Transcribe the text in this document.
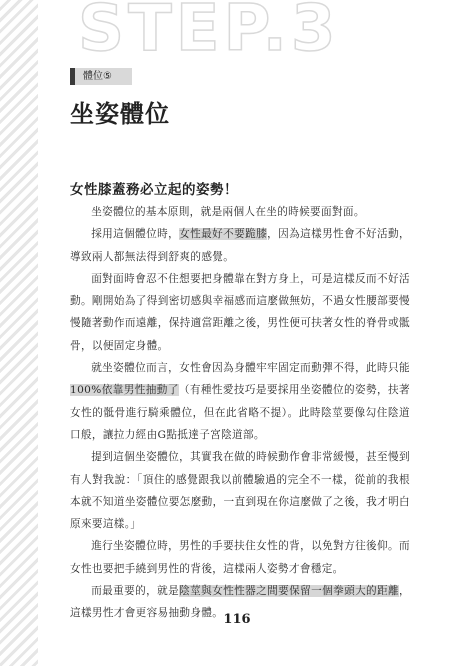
STEP.3
體位⑤
坐姿體位
女性膝蓋務必立起的姿勢！

坐姿體位的基本原則，就是兩個人在坐的時候要面對面。

採用這個體位時，女性最好不要跪膝，因為這樣男性會不好活動，導致兩人都無法得到舒爽的感覺。

面對面時會忍不住想要把身體靠在對方身上，可是這樣反而不好活動。剛開始為了得到密切感與幸福感而這麼做無妨，不過女性腰部要慢慢隨著動作而遠離，保持適當距離之後，男性便可扶著女性的脊骨或骶骨，以便固定身體。

就坐姿體位而言，女性會因為身體牢牢固定而動彈不得，此時只能100%依靠男性抽動了（有種性愛技巧是要採用坐姿體位的姿勢，扶著女性的骶骨進行騎乘體位，但在此省略不提）。此時陰莖要像勾住陰道口般，讓拉力經由G點抵達子宮陰道部。

提到這個坐姿體位，其實我在做的時候動作會非常緩慢，甚至慢到有人對我說：「頂住的感覺跟我以前體驗過的完全不一樣，從前的我根本就不知道坐姿體位要怎麼動，一直到現在你這麼做了之後，我才明白原來要這樣。」

進行坐姿體位時，男性的手要扶住女性的背，以免對方往後仰。而女性也要把手繞到男性的背後，這樣兩人姿勢才會穩定。

而最重要的，就是陰莖與女性性器之間要保留一個拳頭大的距離，這樣男性才會更容易抽動身體。 116
